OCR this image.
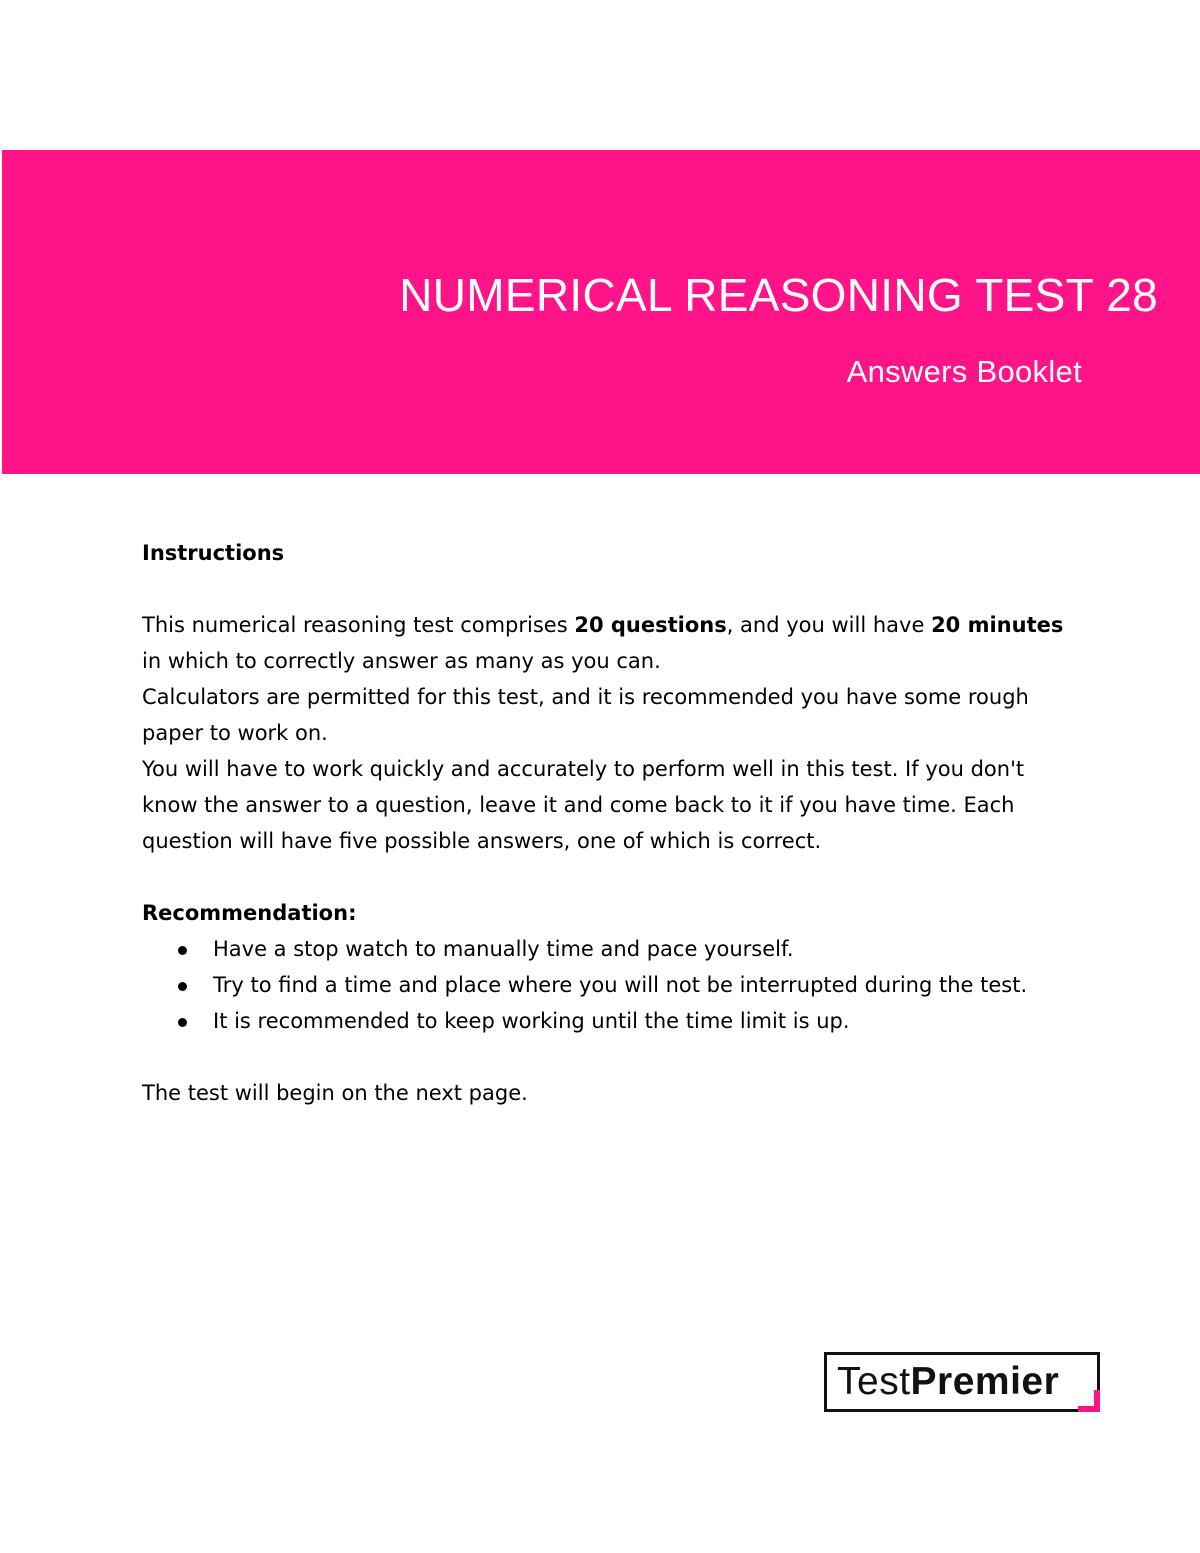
NUMERICAL REASONING TEST 28
Answers Booklet

Instructions

This numerical reasoning test comprises 20 questions, and you will have 20 minutes in which to correctly answer as many as you can.

Calculators are permitted for this test, and it is recommended you have some rough paper to work on.

You will have to work quickly and accurately to perform well in this test. If you don't know the answer to a question, leave it and come back to it if you have time. Each question will have five possible answers, one of which is correct.

Recommendation:

Have a stop watch to manually time and pace yourself.
Try to find a time and place where you will not be interrupted during the test.
It is recommended to keep working until the time limit is up.

The test will begin on the next page.

TestPremier
